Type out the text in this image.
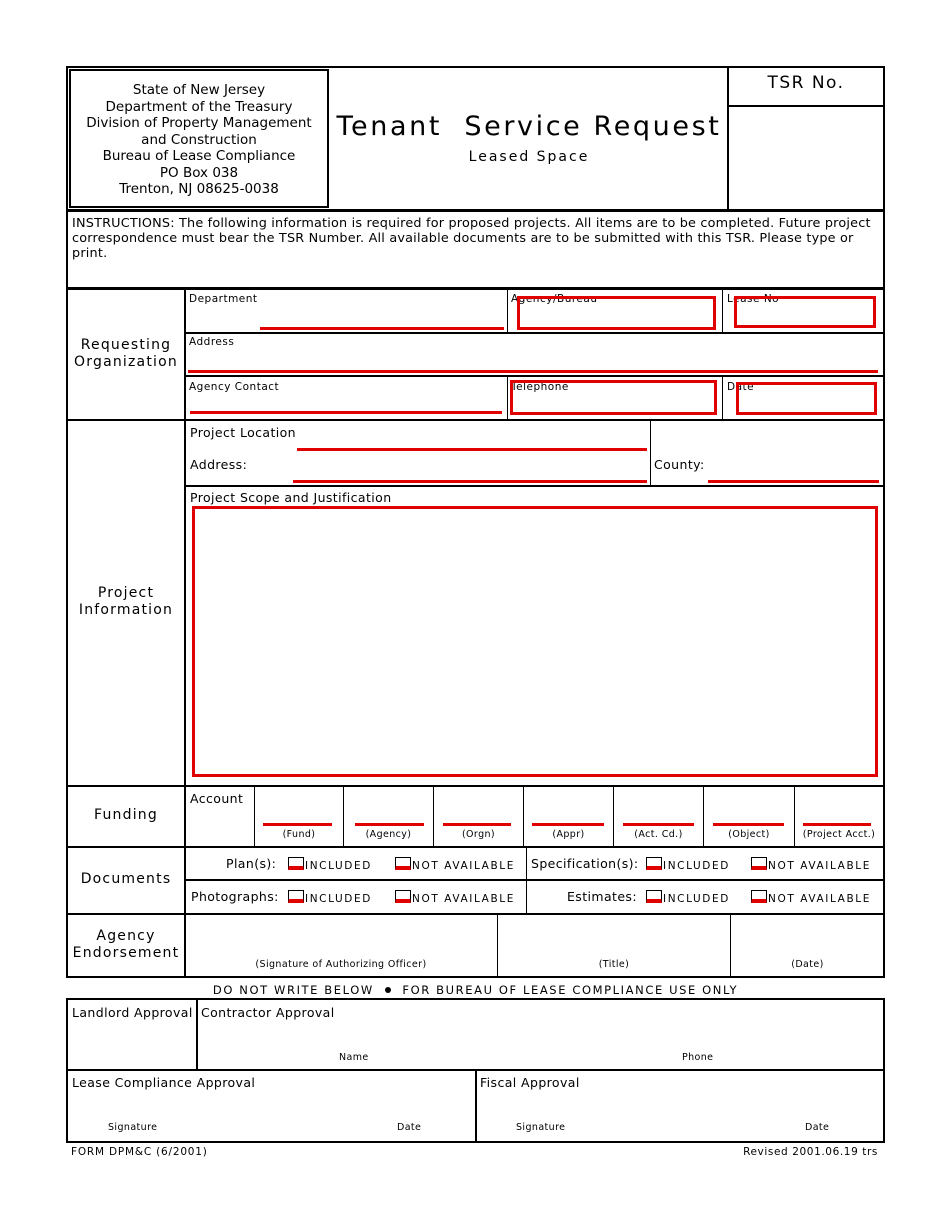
State of New Jersey
Department of the Treasury
Division of Property Management
and Construction
Bureau of Lease Compliance
PO Box 038
Trenton, NJ 08625-0038
Tenant  Service Request
Leased Space
TSR No.
INSTRUCTIONS: The following information is required for proposed projects. All items are to be completed. Future project correspondence must bear the TSR Number. All available documents are to be submitted with this TSR. Please type or print.
Requesting
Organization
Department	Agency/Bureau	Lease No
Address
Agency Contact	Telephone	Date
Project
Information
Project Location
Address:	County:
Project Scope and Justification
Funding
Account
(Fund)	(Agency)	(Orgn)	(Appr)	(Act. Cd.)	(Object)	(Project Acct.)
Documents
Plan(s):	INCLUDED	NOT AVAILABLE Specification(s): INCLUDED	NOT AVAILABLE
Photographs: INCLUDED	NOT AVAILABLE	Estimates: INCLUDED	NOT AVAILABLE
Agency
Endorsement
(Signature of Authorizing Officer)	(Title)	(Date)
DO NOT WRITE BELOW FOR BUREAU OF LEASE COMPLIANCE USE ONLY
Landlord Approval Contractor Approval
Name	Phone
Lease Compliance Approval
Signature	Date
Fiscal Approval
Signature	Date
FORM DPM&C (6/2001)	Revised 2001.06.19 trs
